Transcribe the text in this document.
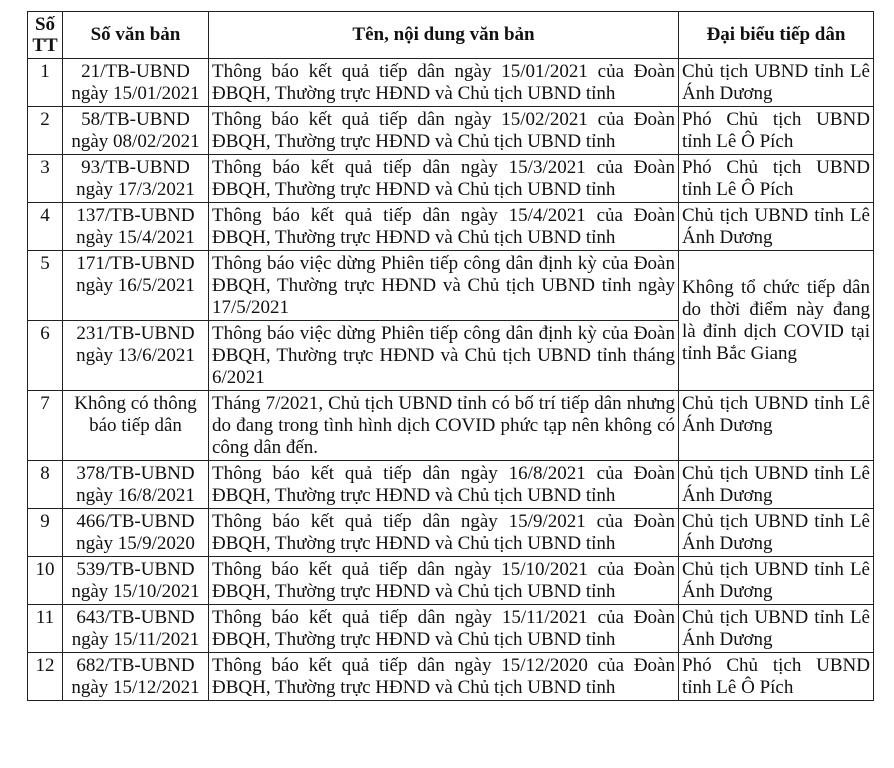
Số
TT	Số văn bản	Tên, nội dung văn bản	Đại biểu tiếp dân
1	21/TB-UBND
ngày 15/01/2021	Thông báo kết quả tiếp dân ngày 15/01/2021 của Đoàn ĐBQH, Thường trực HĐND và Chủ tịch UBND tỉnh	Chủ tịch UBND tỉnh Lê Ánh Dương
2	58/TB-UBND
ngày 08/02/2021	Thông báo kết quả tiếp dân ngày 15/02/2021 của Đoàn ĐBQH, Thường trực HĐND và Chủ tịch UBND tỉnh	Phó Chủ tịch UBND tỉnh Lê Ô Pích
3	93/TB-UBND
ngày 17/3/2021	Thông báo kết quả tiếp dân ngày 15/3/2021 của Đoàn ĐBQH, Thường trực HĐND và Chủ tịch UBND tỉnh	Phó Chủ tịch UBND tỉnh Lê Ô Pích
4	137/TB-UBND
ngày 15/4/2021	Thông báo kết quả tiếp dân ngày 15/4/2021 của Đoàn ĐBQH, Thường trực HĐND và Chủ tịch UBND tỉnh	Chủ tịch UBND tỉnh Lê Ánh Dương
5	171/TB-UBND
ngày 16/5/2021	Thông báo việc dừng Phiên tiếp công dân định kỳ của Đoàn ĐBQH, Thường trực HĐND và Chủ tịch UBND tỉnh ngày 17/5/2021	Không tổ chức tiếp dân do thời điểm này đang là đỉnh dịch COVID tại tỉnh Bắc Giang
6	231/TB-UBND
ngày 13/6/2021	Thông báo việc dừng Phiên tiếp công dân định kỳ của Đoàn ĐBQH, Thường trực HĐND và Chủ tịch UBND tỉnh tháng 6/2021	
7	Không có thông
báo tiếp dân	Tháng 7/2021, Chủ tịch UBND tỉnh có bố trí tiếp dân nhưng do đang trong tình hình dịch COVID phức tạp nên không có công dân đến.	Chủ tịch UBND tỉnh Lê Ánh Dương
8	378/TB-UBND
ngày 16/8/2021	Thông báo kết quả tiếp dân ngày 16/8/2021 của Đoàn ĐBQH, Thường trực HĐND và Chủ tịch UBND tỉnh	Chủ tịch UBND tỉnh Lê Ánh Dương
9	466/TB-UBND
ngày 15/9/2020	Thông báo kết quả tiếp dân ngày 15/9/2021 của Đoàn ĐBQH, Thường trực HĐND và Chủ tịch UBND tỉnh	Chủ tịch UBND tỉnh Lê Ánh Dương
10	539/TB-UBND
ngày 15/10/2021	Thông báo kết quả tiếp dân ngày 15/10/2021 của Đoàn ĐBQH, Thường trực HĐND và Chủ tịch UBND tỉnh	Chủ tịch UBND tỉnh Lê Ánh Dương
11	643/TB-UBND
ngày 15/11/2021	Thông báo kết quả tiếp dân ngày 15/11/2021 của Đoàn ĐBQH, Thường trực HĐND và Chủ tịch UBND tỉnh	Chủ tịch UBND tỉnh Lê Ánh Dương
12	682/TB-UBND
ngày 15/12/2021	Thông báo kết quả tiếp dân ngày 15/12/2020 của Đoàn ĐBQH, Thường trực HĐND và Chủ tịch UBND tỉnh	Phó Chủ tịch UBND tỉnh Lê Ô Pích
